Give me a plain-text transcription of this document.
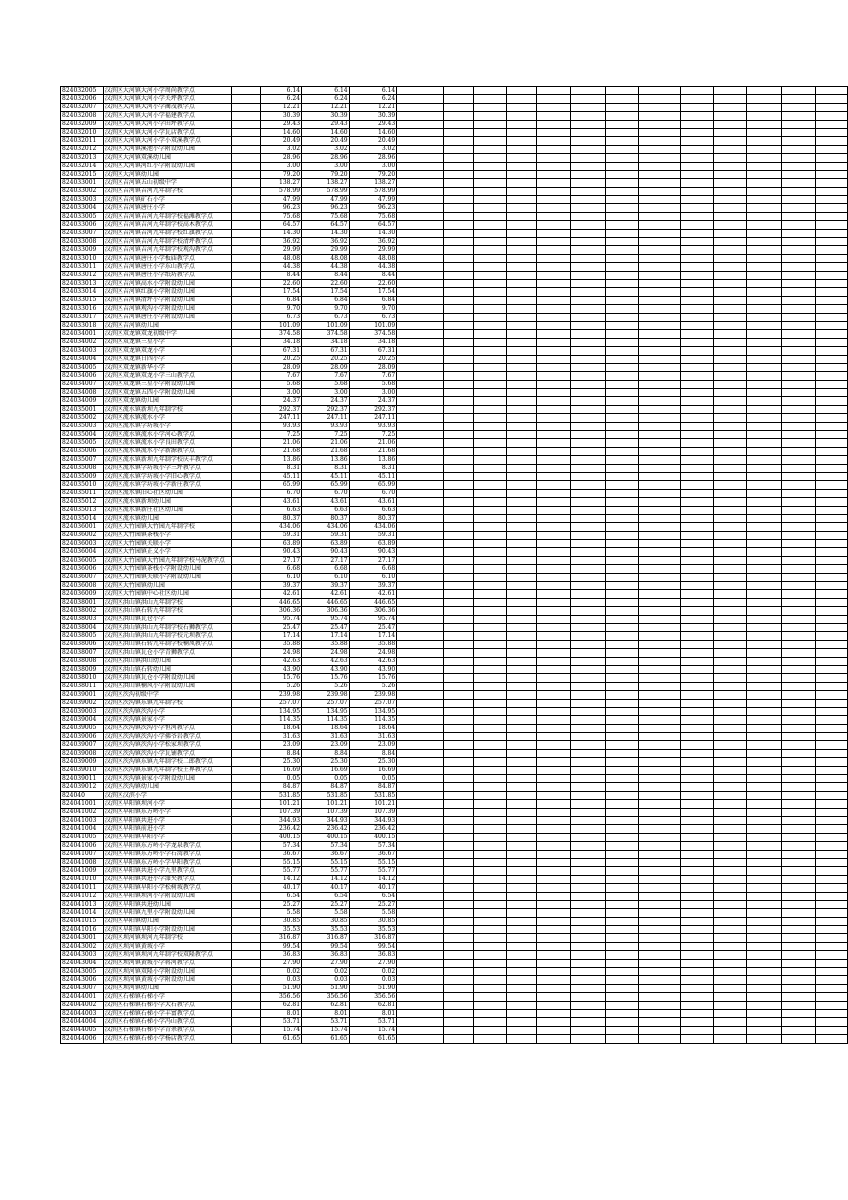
824032005	汉滨区大河镇大河小学周尚教学点		6.14	6.14	6.14													
824032006	汉滨区大河镇大河小学关坪教学点		6.24	6.24	6.24													
824032007	汉滨区大河镇大河小学蔺茂教学点		12.21	12.21	12.21													
824032008	汉滨区大河镇大河小学福建教学点		30.39	30.39	30.39													
824032009	汉滨区大河镇大河小学田坪教学点		29.43	29.43	29.43													
824032010	汉滨区大河镇大河小学瓦店教学点		14.60	14.60	14.60													
824032011	汉滨区大河镇大河小学小双溪教学点		20.49	20.49	20.49													
824032012	汉滨区大河镇溪池小学附设幼儿园		3.02	3.02	3.02													
824032013	汉滨区大河镇双溪幼儿园		28.96	28.96	28.96													
824032014	汉滨区大河镇河红小学附设幼儿园		3.00	3.00	3.00													
824032015	汉滨区大河镇幼儿园		79.20	79.20	79.20													
824033001	汉滨区吉河镇五山初级中学		138.27	138.27	138.27													
824033002	汉滨区吉河镇吉河九年制学校		578.99	578.99	578.99													
824033003	汉滨区吉河镇矿石小学		47.99	47.99	47.99													
824033004	汉滨区吉河镇唐庄小学		96.23	96.23	96.23													
824033005	汉滨区吉河镇吉河九年制学校福滩教学点		75.68	75.68	75.68													
824033006	汉滨区吉河镇吉河九年制学校高木教学点		64.57	64.57	64.57													
824033007	汉滨区吉河镇吉河九年制学校红旗教学点		14.30	14.30	14.30													
824033008	汉滨区吉河镇吉河九年制学校清坪教学点		36.92	36.92	36.92													
824033009	汉滨区吉河镇吉河九年制学校观沟教学点		29.99	29.99	29.99													
824033010	汉滨区吉河镇唐庄小学板庙教学点		48.08	48.08	48.08													
824033011	汉滨区吉河镇唐庄小学东山教学点		44.38	44.38	44.38													
824033012	汉滨区吉河镇唐庄小学纸坊教学点		8.44	8.44	8.44													
824033013	汉滨区吉河镇高水小学附设幼儿园		22.60	22.60	22.60													
824033014	汉滨区吉河镇红旗小学附设幼儿园		17.54	17.54	17.54													
824033015	汉滨区吉河镇清坪小学附设幼儿园		6.84	6.84	6.84													
824033016	汉滨区吉河镇观沟小学附设幼儿园		9.70	9.70	9.70													
824033017	汉滨区吉河镇唐庄小学附设幼儿园		6.73	6.73	6.73													
824033018	汉滨区吉河镇幼儿园		101.09	101.09	101.09													
824034001	汉滨区双龙镇双龙初级中学		374.58	374.58	374.58													
824034002	汉滨区双龙镇三星小学		34.18	34.18	34.18													
824034003	汉滨区双龙镇双龙小学		67.31	67.31	67.31													
824034004	汉滨区双龙镇日四小学		20.25	20.25	20.25													
824034005	汉滨区双龙镇新华小学		28.09	28.09	28.09													
824034006	汉滨区双龙镇双龙小学三山教学点		7.67	7.67	7.67													
824034007	汉滨区双龙镇三星小学附设幼儿园		5.68	5.68	5.68													
824034008	汉滨区双龙镇五四小学附设幼儿园		3.00	3.00	3.00													
824034009	汉滨区双龙镇幼儿园		24.37	24.37	24.37													
824035001	汉滨区流水镇新坝九年制学校		292.37	292.37	292.37													
824035002	汉滨区流水镇流水小学		247.11	247.11	247.11													
824035003	汉滨区流水镇学坊坡小学		93.93	93.93	93.93													
824035004	汉滨区流水镇流水小学河心教学点		7.25	7.25	7.25													
824035005	汉滨区流水镇流水小学良田教学点		21.06	21.06	21.06													
824035006	汉滨区流水镇流水小学新源教学点		21.68	21.68	21.68													
824035007	汉滨区流水镇新坝九年制学校庆丰教学点		13.86	13.86	13.86													
824035008	汉滨区流水镇学坊坡小学三坪教学点		8.31	8.31	8.31													
824035009	汉滨区流水镇学坊坡小学旧心教学点		45.11	45.11	45.11													
824035010	汉滨区流水镇学坊坡小学新庄教学点		65.99	65.99	65.99													
824035011	汉滨区流水镇旧心社区幼儿园		6.70	6.70	6.70													
824035012	汉滨区流水镇新坝幼儿园		43.61	43.61	43.61													
824035013	汉滨区流水镇新庄社区幼儿园		6.63	6.63	6.63													
824035014	汉滨区流水镇幼儿园		80.37	80.37	80.37													
824036001	汉滨区大竹园镇大竹园九年制学校		434.06	434.06	434.06													
824036002	汉滨区大竹园镇茶栈小学		59.31	59.31	59.31													
824036003	汉滨区大竹园镇关联小学		63.89	63.89	63.89													
824036004	汉滨区大竹园镇正义小学		90.43	90.43	90.43													
824036005	汉滨区大竹园镇大竹园九年制学校马泥教学点		27.17	27.17	27.17													
824036006	汉滨区大竹园镇茶栈小学附设幼儿园		6.68	6.68	6.68													
824036007	汉滨区大竹园镇关联小学附设幼儿园		6.10	6.10	6.10													
824036008	汉滨区大竹园镇幼儿园		39.37	39.37	39.37													
824036009	汉滨区大竹园镇中心社区幼儿园		42.61	42.61	42.61													
824038001	汉滨区洪山镇洪山九年制学校		446.65	446.65	446.65													
824038002	汉滨区洪山镇石转九年制学校		306.36	306.36	306.36													
824038003	汉滨区洪山镇瓦仓小学		95.74	95.74	95.74													
824038004	汉滨区洪山镇洪山九年制学校石狮教学点		25.47	25.47	25.47													
824038005	汉滨区洪山镇洪山九年制学校元坝教学点		17.14	17.14	17.14													
824038006	汉滨区洪山镇石转九年制学校楠凤教学点		35.88	35.88	35.88													
824038007	汉滨区洪山镇瓦仓小学青狮教学点		24.98	24.98	24.98													
824038008	汉滨区洪山镇洪山幼儿园		42.63	42.63	42.63													
824038009	汉滨区洪山镇石转幼儿园		43.90	43.90	43.90													
824038010	汉滨区洪山镇瓦仓小学附设幼儿园		15.76	15.76	15.76													
824038011	汉滨区洪山镇楠风小学附设幼儿园		5.26	5.26	5.26													
824039001	汉滨区茨沟初级中学		239.98	239.98	239.98													
824039002	汉滨区茨沟镇东镇九年制学校		257.07	257.07	257.07													
824039003	汉滨区茨沟镇茨沟小学		134.95	134.95	134.95													
824039004	汉滨区茨沟镇景家小学		114.35	114.35	114.35													
824039005	汉滨区茨沟镇茨沟小学恒河教学点		18.64	18.64	18.64													
824039006	汉滨区茨沟镇茨沟小学佛爷岩教学点		31.63	31.63	31.63													
824039007	汉滨区茨沟镇茨沟小学松家坝教学点		23.09	23.09	23.09													
824039008	汉滨区茨沟镇茨沟小学瓦铺教学点		8.84	8.84	8.84													
824039009	汉滨区茨沟镇东镇九年制学校二郎教学点		25.30	25.30	25.30													
824039010	汉滨区茨沟镇东镇九年制学校王界教学点		16.69	16.69	16.69													
824039011	汉滨区茨沟镇景家小学附设幼儿园		0.05	0.05	0.05													
824039012	汉滨区茨沟镇幼儿园		84.87	84.87	84.87													
824040	汉滨区汉滨小学		531.85	531.85	531.85													
824041001	汉滨区早阳镇坝河小学		101.21	101.21	101.21													
824041002	汉滨区早阳镇东方岭小学		107.39	107.39	107.39													
824041003	汉滨区早阳镇共进小学		344.93	344.93	344.93													
824041004	汉滨区早阳镇前进小学		236.42	236.42	236.42													
824041005	汉滨区早阳镇早阳小学		400.15	400.15	400.15													
824041006	汉滨区早阳镇东方岭小学龙泉教学点		57.34	57.34	57.34													
824041007	汉滨区早阳镇东方岭小学石湾教学点		36.67	36.67	36.67													
824041008	汉滨区早阳镇东方岭小学早阳教学点		55.15	55.15	55.15													
824041009	汉滨区早阳镇共进小学九里教学点		55.77	55.77	55.77													
824041010	汉滨区早阳镇共进小学漆夹教学点		14.12	14.12	14.12													
824041011	汉滨区早阳镇早阳小学松树坡教学点		40.17	40.17	40.17													
824041012	汉滨区早阳镇坝河小学附设幼儿园		6.54	6.54	6.54													
824041013	汉滨区早阳镇共进幼儿园		25.27	25.27	25.27													
824041014	汉滨区早阳镇九里小学附设幼儿园		5.58	5.58	5.58													
824041015	汉滨区早阳镇幼儿园		30.85	30.85	30.85													
824041016	汉滨区早阳镇早阳小学附设幼儿园		35.53	35.53	35.53													
824043001	汉滨区坝河镇坝河九年制学校		316.87	316.87	316.87													
824043002	汉滨区坝河镇黄坡小学		99.54	99.54	99.54													
824043003	汉滨区坝河镇坝河九年制学校双隆教学点		36.83	36.83	36.83													
824043004	汉滨区坝河镇黄坡小学蒋河教学点		27.90	27.90	27.90													
824043005	汉滨区坝河镇双隆小学附设幼儿园		0.02	0.02	0.02													
824043006	汉滨区坝河镇黄坡小学附设幼儿园		0.03	0.03	0.03													
824043007	汉滨区坝河镇幼儿园		51.90	51.90	51.90													
824044001	汉滨区石梯镇石梯小学		356.56	356.56	356.56													
824044002	汉滨区石梯镇石梯小学大石教学点		62.81	62.81	62.81													
824044003	汉滨区石梯镇石梯小学丰富教学点		8.01	8.01	8.01													
824044004	汉滨区石梯镇石梯小学冯山教学点		53.71	53.71	53.71													
824044005	汉滨区石梯镇石梯小学青杀教学点		15.74	15.74	15.74													
824044006	汉滨区石梯镇石梯小学杨店教学点		61.65	61.65	61.65													
